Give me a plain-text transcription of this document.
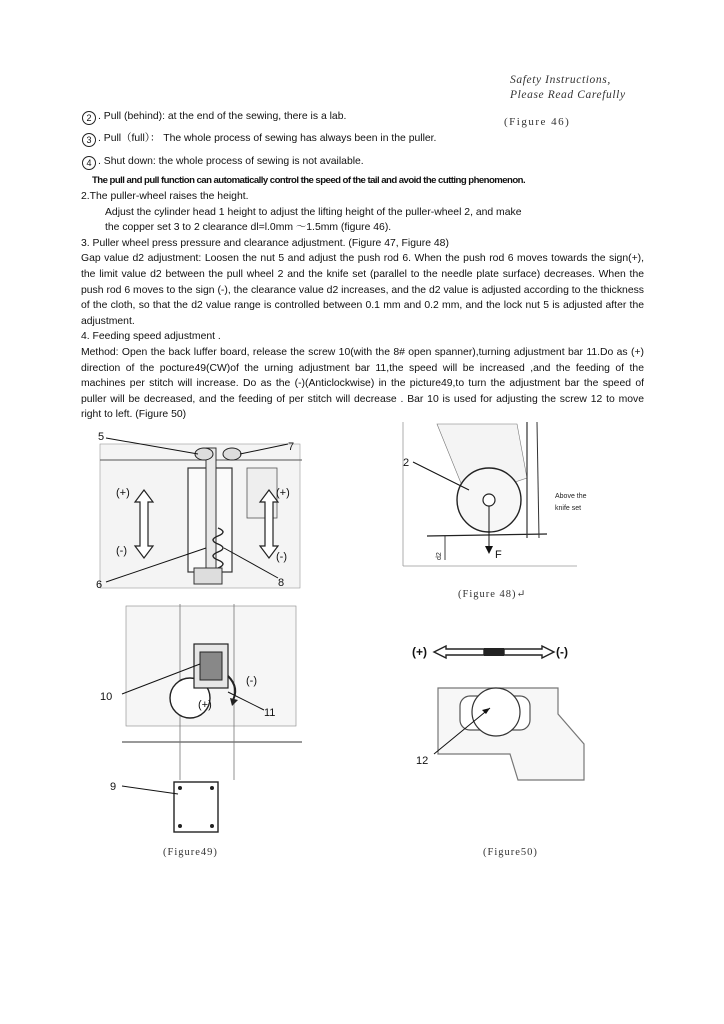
Safety Instructions,
Please Read Carefully
(Figure 46)
2 . Pull (behind): at the end of the sewing, there is a lab.
3 . Pull（full）： The whole process of sewing has always been in the puller.
4 . Shut down: the whole process of sewing is not available.
The pull and pull function can automatically control the speed of the tail and avoid the cutting phenomenon.

2.The puller-wheel raises the height.

Adjust the cylinder head 1 height to adjust the lifting height of the puller-wheel 2, and make

the copper set 3 to 2 clearance dl=l.0mm ～1.5mm (figure 46).

3. Puller wheel press pressure and clearance adjustment. (Figure 47, Figure 48)

Gap value d2 adjustment: Loosen the nut 5 and adjust the push rod 6. When the push rod 6 moves towards the sign(+), the limit value d2 between the pull wheel 2 and the knife set (parallel to the needle plate surface) decreases. When the push rod 6 moves to the sign (-), the clearance value d2 increases, and the d2 value is adjusted according to the thickness of the cloth, so that the d2 value range is controlled between 0.1 mm and 0.2 mm, and the lock nut 5 is adjusted after the adjustment.

4. Feeding speed adjustment .

Method: Open the back luffer board, release the screw 10(with the 8# open spanner),turning adjustment bar 11.Do as (+) direction of the pocture49(CW)of the urning adjustment bar 11,the speed will be increased ,and the feeding of the machines per stitch will increase. Do as the (-)(Anticlockwise) in the picture49,to turn the adjustment bar the speed of puller will be decreased, and the feeding of per stitch will decrease . Bar 10 is used for adjusting the screw 12 to move right to left. (Figure 50)

(+)
(-)
(+)
(-)
5
7
6	8
2
Above the
knife set
F
d2
(Figure 48)↵
10
11
9
(+)
(-)
(Figure49)
(+)	(-)
12
(Figure50)
